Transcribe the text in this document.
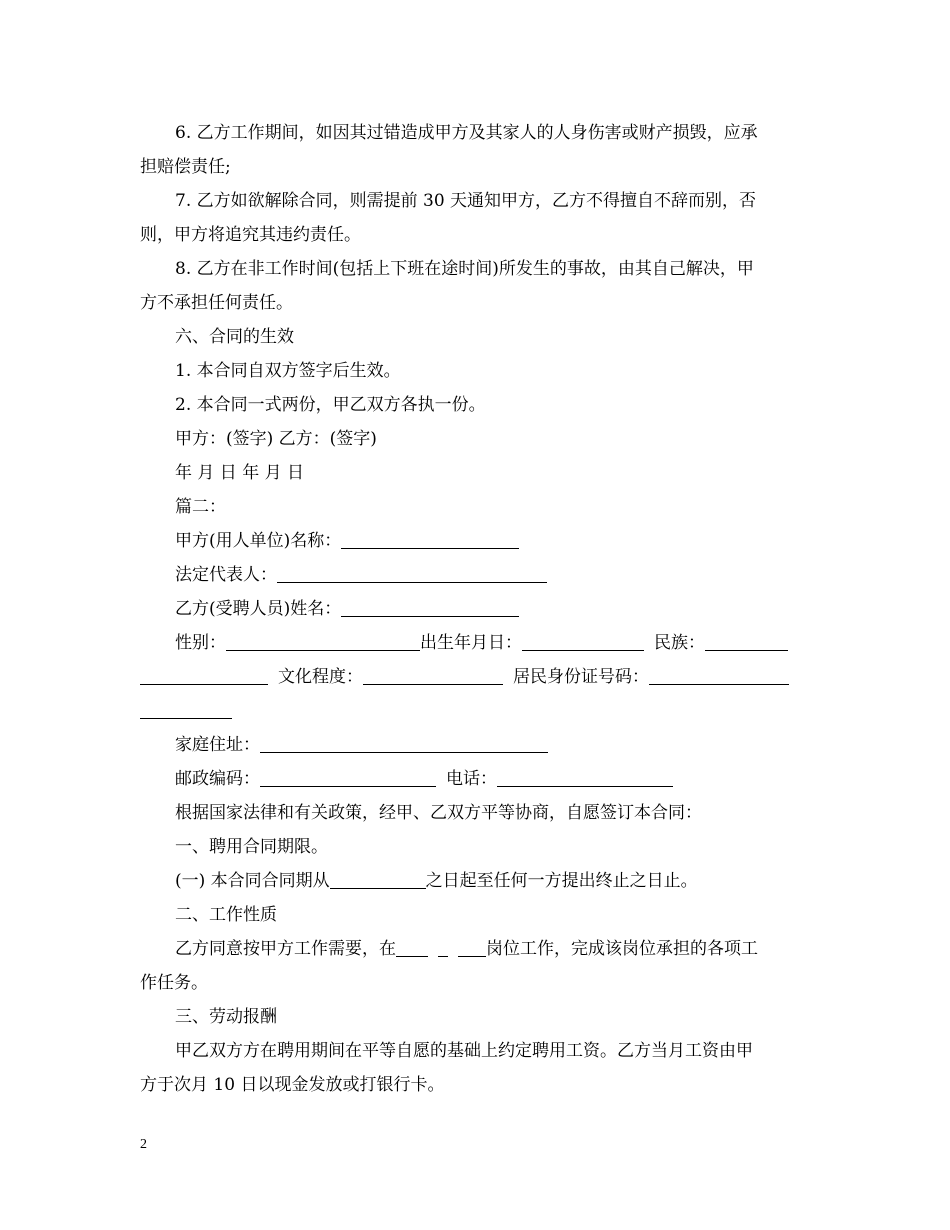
6. 乙方工作期间，如因其过错造成甲方及其家人的人身伤害或财产损毁，应承
担赔偿责任;
7. 乙方如欲解除合同，则需提前 30 天通知甲方，乙方不得擅自不辞而别，否
则，甲方将追究其违约责任。
8. 乙方在非工作时间(包括上下班在途时间)所发生的事故，由其自己解决，甲
方不承担任何责任。
六、合同的生效
1. 本合同自双方签字后生效。
2. 本合同一式两份，甲乙双方各执一份。
甲方：(签字) 乙方：(签字)
年 月 日 年 月 日
篇二：
甲方(用人单位)名称：
法定代表人：
乙方(受聘人员)姓名：
性别：	出生年月日：	民族：
文化程度：	居民身份证号码：
家庭住址：
邮政编码：	电话：
根据国家法律和有关政策，经甲、乙双方平等协商，自愿签订本合同：
一、聘用合同期限。
(一) 本合同合同期从	之日起至任何一方提出终止之日止。
二、工作性质
乙方同意按甲方工作需要，在	岗位工作，完成该岗位承担的各项工
作任务。
三、劳动报酬
甲乙双方方在聘用期间在平等自愿的基础上约定聘用工资。乙方当月工资由甲
方于次月 10 日以现金发放或打银行卡。
2
